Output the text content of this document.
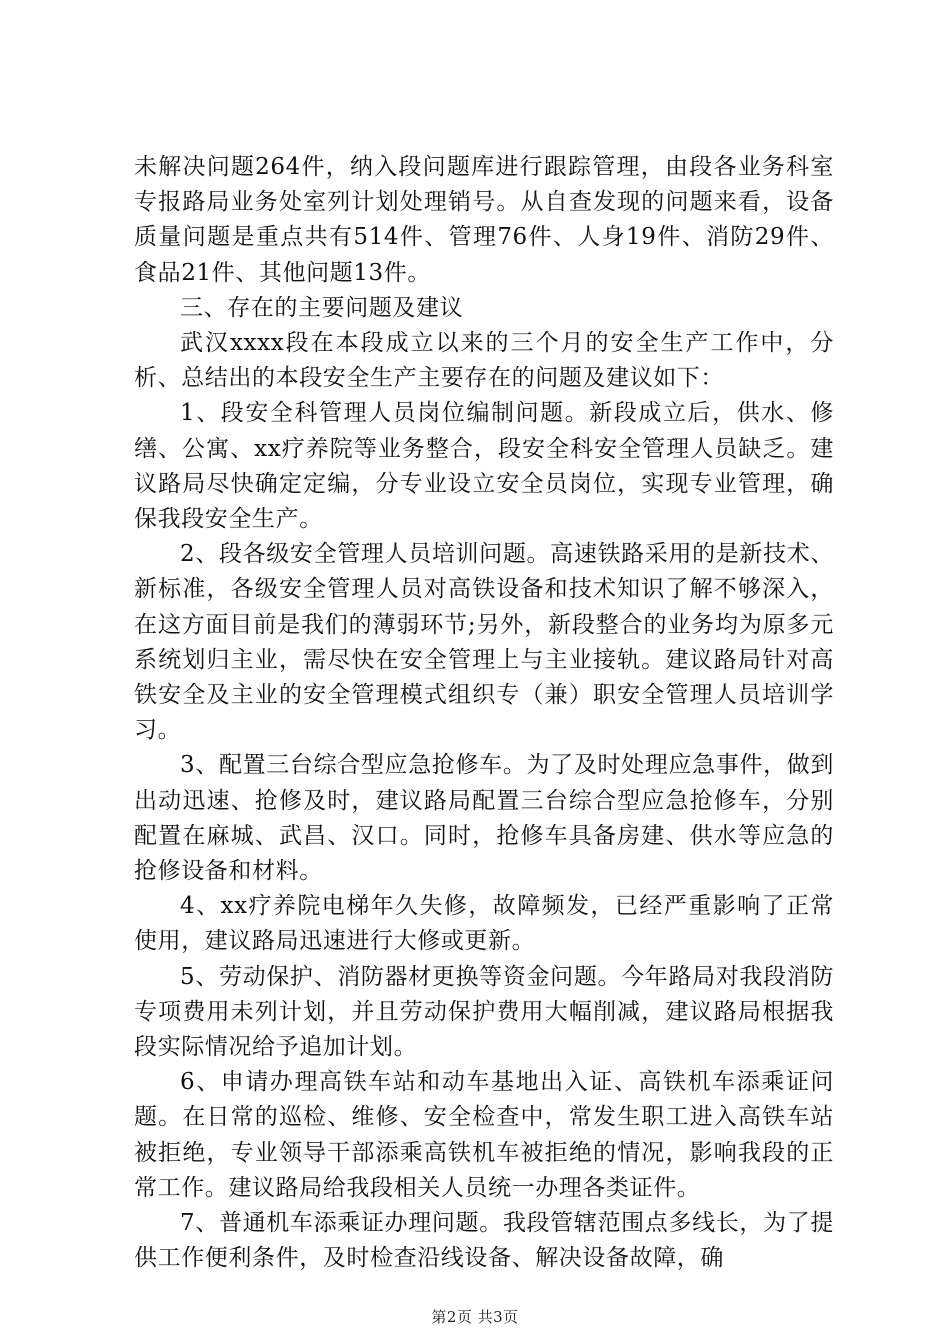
未解决问题264件，纳入段问题库进行跟踪管理，由段各业务科室专报路局业务处室列计划处理销号。从自查发现的问题来看，设备质量问题是重点共有514件、管理76件、人身19件、消防29件、食品21件、其他问题13件。

三、存在的主要问题及建议

武汉xxxx段在本段成立以来的三个月的安全生产工作中，分析、总结出的本段安全生产主要存在的问题及建议如下：

1、段安全科管理人员岗位编制问题。新段成立后，供水、修缮、公寓、xx疗养院等业务整合，段安全科安全管理人员缺乏。建议路局尽快确定定编，分专业设立安全员岗位，实现专业管理，确保我段安全生产。

2、段各级安全管理人员培训问题。高速铁路采用的是新技术、新标准，各级安全管理人员对高铁设备和技术知识了解不够深入，在这方面目前是我们的薄弱环节;另外，新段整合的业务均为原多元系统划归主业，需尽快在安全管理上与主业接轨。建议路局针对高铁安全及主业的安全管理模式组织专（兼）职安全管理人员培训学习。

3、配置三台综合型应急抢修车。为了及时处理应急事件，做到出动迅速、抢修及时，建议路局配置三台综合型应急抢修车，分别配置在麻城、武昌、汉口。同时，抢修车具备房建、供水等应急的抢修设备和材料。

4、xx疗养院电梯年久失修，故障频发，已经严重影响了正常使用，建议路局迅速进行大修或更新。

5、劳动保护、消防器材更换等资金问题。今年路局对我段消防专项费用未列计划，并且劳动保护费用大幅削减，建议路局根据我段实际情况给予追加计划。

6、申请办理高铁车站和动车基地出入证、高铁机车添乘证问题。在日常的巡检、维修、安全检查中，常发生职工进入高铁车站被拒绝，专业领导干部添乘高铁机车被拒绝的情况，影响我段的正常工作。建议路局给我段相关人员统一办理各类证件。

7、普通机车添乘证办理问题。我段管辖范围点多线长，为了提供工作便利条件，及时检查沿线设备、解决设备故障，确

第2页 共3页
